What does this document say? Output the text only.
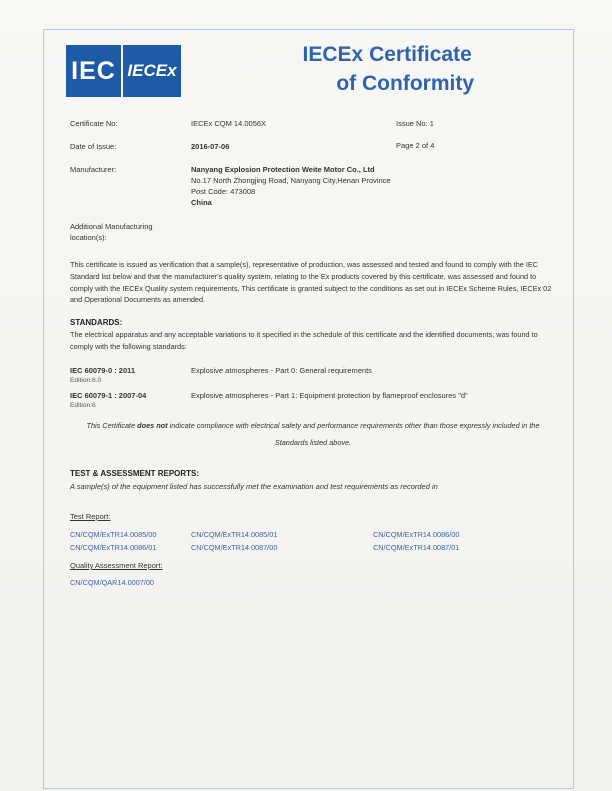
IEC IECEx
IECEx Certificate
of Conformity
Certificate No:	IECEx CQM 14.0056X	Issue No: 1
Date of Issue:	2016-07-06	Page 2 of 4
Manufacturer:	Nanyang Explosion Protection Weite Motor Co., Ltd
No.17 North Zhongjing Road, Nanyang City,Henan Province
Post Code: 473008
China
Additional Manufacturing
location(s):
This certificate is issued as verification that a sample(s), representative of production, was assessed and tested and found to comply with the IEC Standard list below and that the manufacturer's quality system, relating to the Ex products covered by this certificate, was assessed and found to comply with the IECEx Quality system requirements. This certificate is granted subject to the conditions as set out in IECEx Scheme Rules, IECEx 02 and Operational Documents as amended.
STANDARDS:
The electrical apparatus and any acceptable variations to it specified in the schedule of this certificate and the identified documents, was found to comply with the following standards:
IEC 60079-0 : 2011
Edition:6.0
Explosive atmospheres - Part 0: General requirements
IEC 60079-1 : 2007-04
Edition:6
Explosive atmospheres - Part 1: Equipment protection by flameproof enclosures "d"
This Certificate does not indicate compliance with electrical safety and performance requirements other than those expressly included in the
Standards listed above.
TEST & ASSESSMENT REPORTS:
A sample(s) of the equipment listed has successfully met the examination and test requirements as recorded in
Test Report:
CN/CQM/ExTR14.0085/00	CN/CQM/ExTR14.0085/01	CN/CQM/ExTR14.0086/00
CN/CQM/ExTR14.0086/01	CN/CQM/ExTR14.0087/00	CN/CQM/ExTR14.0087/01
Quality Assessment Report:
CN/CQM/QAR14.0007/00
